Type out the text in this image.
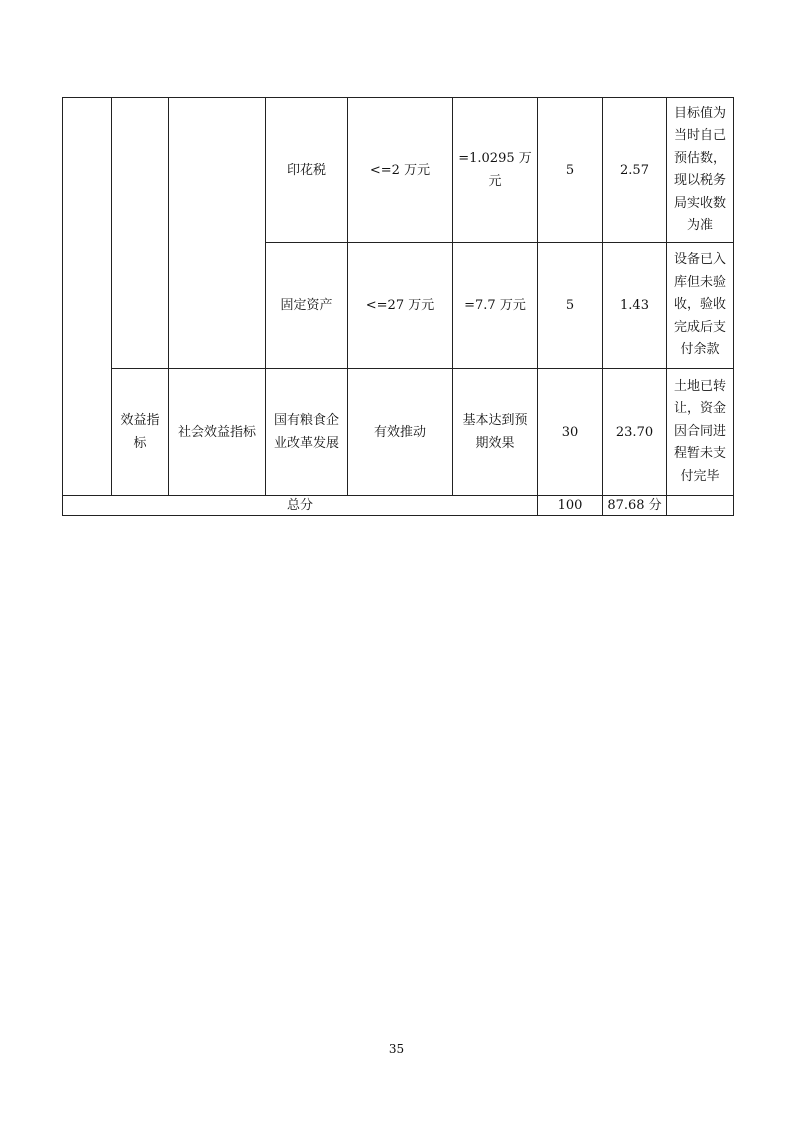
			印花税	<=2 万元	=1.0295 万元	5	2.57	目标值为当时自己预估数，现以税务局实收数为准
			固定资产	<=27 万元	=7.7 万元	5	1.43	设备已入库但未验收，验收完成后支付余款
	效益指标	社会效益指标	国有粮食企业改革发展	有效推动	基本达到预期效果	30	23.70	土地已转让，资金因合同进程暂未支付完毕
总分						100	87.68 分	
35
